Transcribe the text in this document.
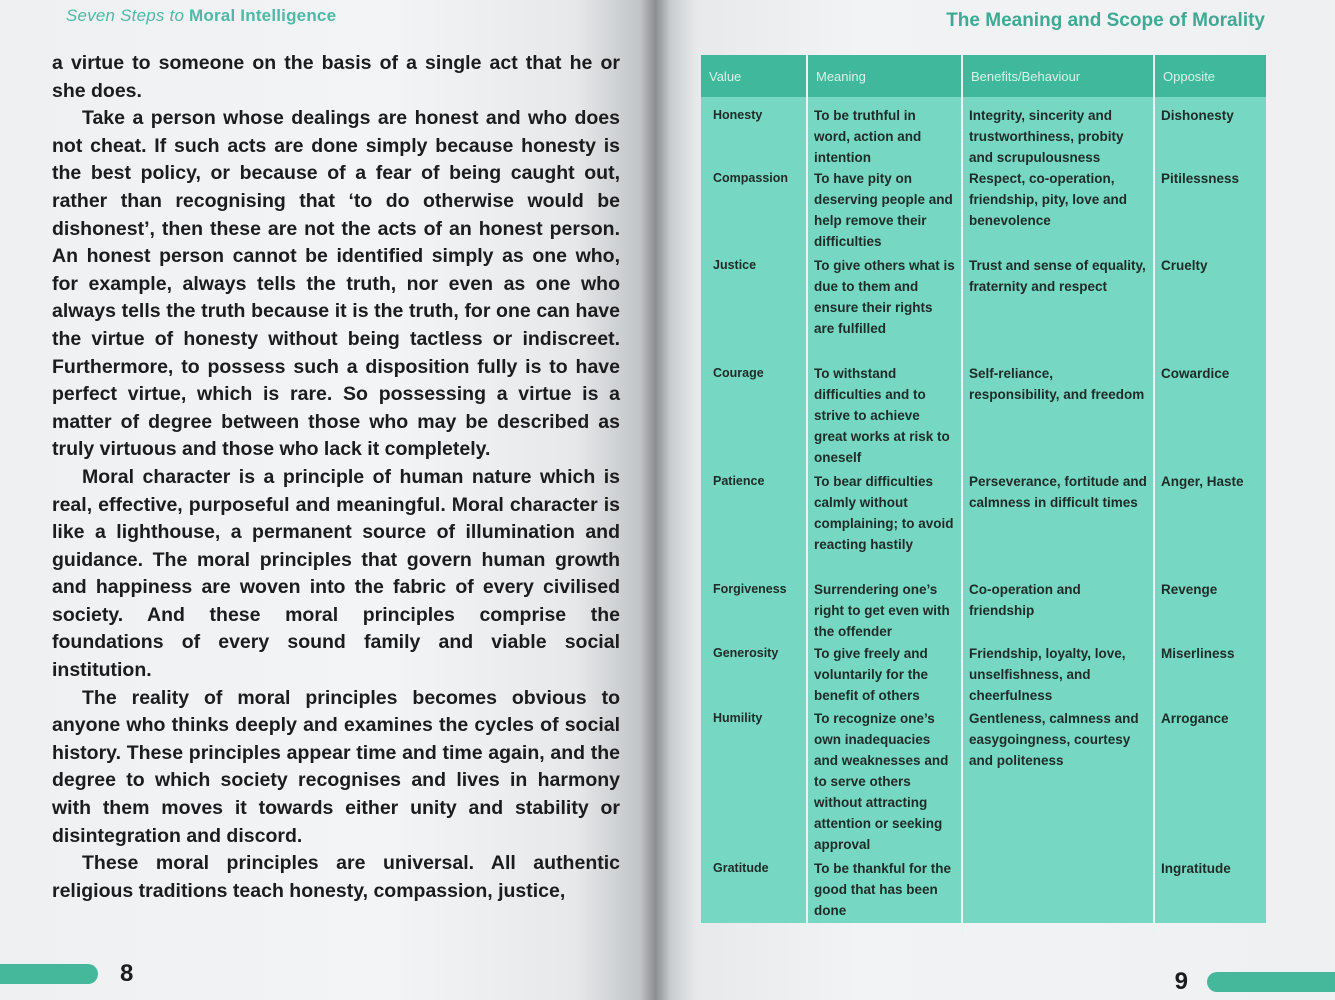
Seven Steps to Moral Intelligence

a virtue to someone on the basis of a single act that he or she does.

Take a person whose dealings are honest and who does not cheat. If such acts are done simply because honesty is the best policy, or because of a fear of being caught out, rather than recognising that ‘to do otherwise would be dishonest’, then these are not the acts of an honest person. An honest person cannot be identified simply as one who, for example, always tells the truth, nor even as one who always tells the truth because it is the truth, for one can have the virtue of honesty without being tactless or indiscreet. Furthermore, to possess such a disposition fully is to have perfect virtue, which is rare. So possessing a virtue is a matter of degree between those who may be described as truly virtuous and those who lack it completely.

Moral character is a principle of human nature which is real, effective, purposeful and meaningful. Moral character is like a lighthouse, a permanent source of illumination and guidance. The moral principles that govern human growth and happiness are woven into the fabric of every civilised society. And these moral principles comprise the foundations of every sound family and viable social institution.

The reality of moral principles becomes obvious to anyone who thinks deeply and examines the cycles of social history. These principles appear time and time again, and the degree to which society recognises and lives in harmony with them moves it towards either unity and stability or disintegration and discord.

These moral principles are universal. All authentic religious traditions teach honesty, compassion, justice,

8
The Meaning and Scope of Morality
Value	Meaning	Benefits/Behaviour	Opposite
Honesty	To be truthful in word, action and intention	Integrity, sincerity and trustworthiness, probity and scrupulousness	Dishonesty
Compassion	To have pity on deserving people and help remove their difficulties	Respect, co-operation, friendship, pity, love and benevolence	Pitilessness
Justice	To give others what is due to them and ensure their rights are fulfilled	Trust and sense of equality, fraternity and respect	Cruelty
Courage	To withstand difficulties and to strive to achieve great works at risk to oneself	Self-reliance, responsibility, and freedom	Cowardice
Patience	To bear difficulties calmly without complaining; to avoid reacting hastily	Perseverance, fortitude and calmness in difficult times	Anger, Haste
Forgiveness	Surrendering one’s right to get even with the offender	Co-operation and friendship	Revenge
Generosity	To give freely and voluntarily for the benefit of others	Friendship, loyalty, love, unselfishness, and cheerfulness	Miserliness
Humility	To recognize one’s own inadequacies and weaknesses and to serve others without attracting attention or seeking approval	Gentleness, calmness and easygoingness, courtesy and politeness	Arrogance
Gratitude	To be thankful for the good that has been done		Ingratitude
9
